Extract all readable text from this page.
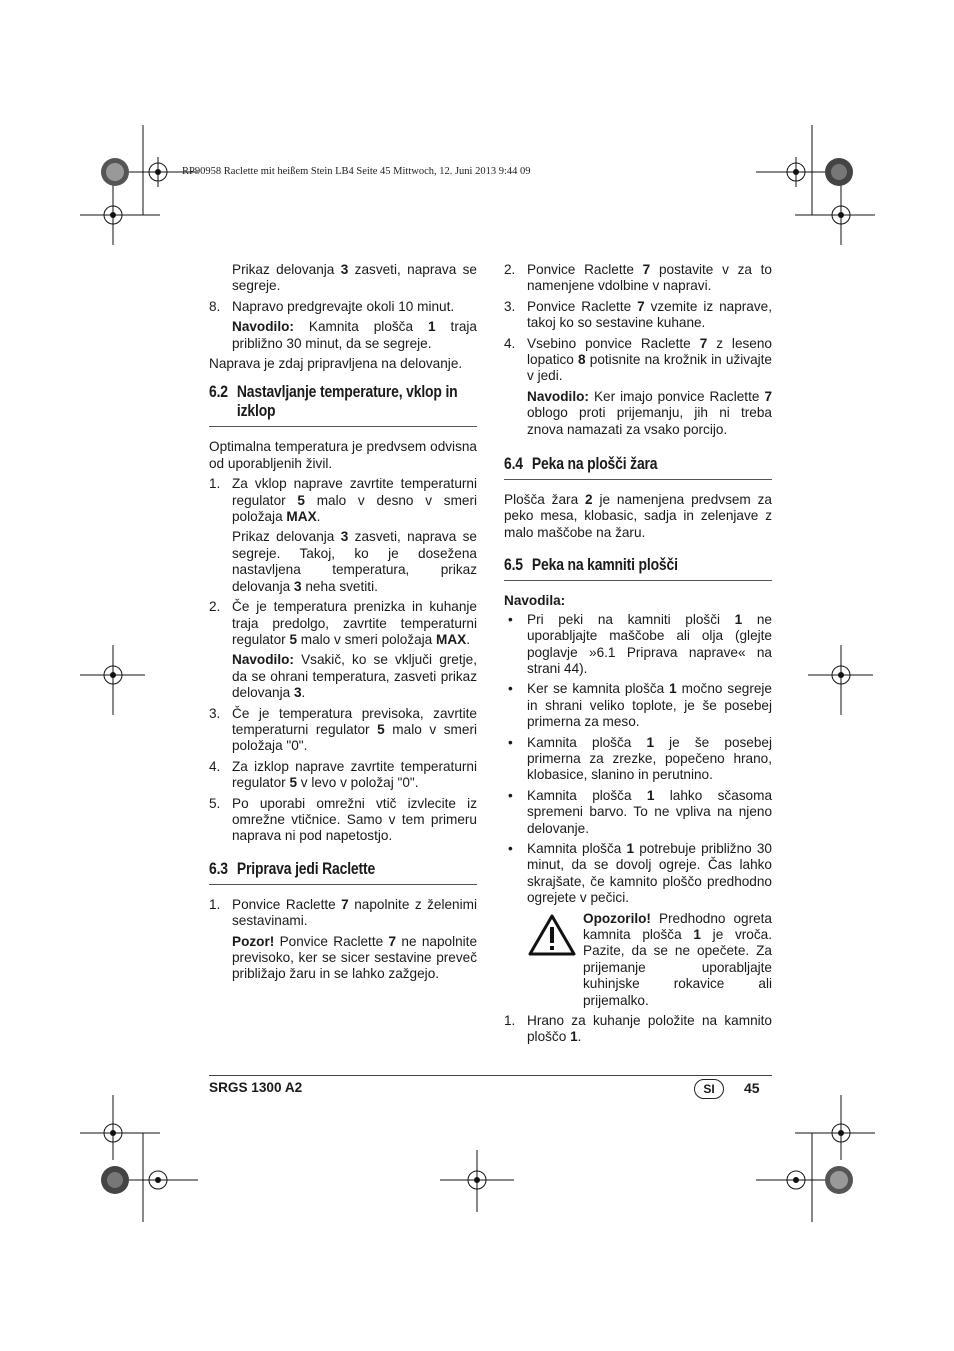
RP90958 Raclette mit heißem Stein LB4 Seite 45 Mittwoch, 12. Juni 2013 9:44 09

Prikaz delovanja 3 zasveti, naprava se segreje.

8. Napravo predgrevajte okoli 10 minut.

Navodilo: Kamnita plošča 1 traja približno 30 minut, da se segreje.

Naprava je zdaj pripravljena na delovanje.

6.2 Nastavljanje temperature, vklop in
izklop

Optimalna temperatura je predvsem odvisna od uporabljenih živil.

1. Za vklop naprave zavrtite temperaturni regulator 5 malo v desno v smeri položaja MAX.

Prikaz delovanja 3 zasveti, naprava se segreje. Takoj, ko je dosežena nastavljena temperatura, prikaz delovanja 3 neha svetiti.

2. Če je temperatura prenizka in kuhanje traja predolgo, zavrtite temperaturni regulator 5 malo v smeri položaja MAX.

Navodilo: Vsakič, ko se vključi gretje, da se ohrani temperatura, zasveti prikaz delovanja 3.

3. Če je temperatura previsoka, zavrtite temperaturni regulator 5 malo v smeri položaja "0".
4. Za izklop naprave zavrtite temperaturni regulator 5 v levo v položaj "0".
5. Po uporabi omrežni vtič izvlecite iz omrežne vtičnice. Samo v tem primeru naprava ni pod napetostjo.
6.3 Priprava jedi Raclette
1. Ponvice Raclette 7 napolnite z želenimi sestavinami.

Pozor! Ponvice Raclette 7 ne napolnite previsoko, ker se sicer sestavine preveč približajo žaru in se lahko zažgejo.

2. Ponvice Raclette 7 postavite v za to namenjene vdolbine v napravi.
3. Ponvice Raclette 7 vzemite iz naprave, takoj ko so sestavine kuhane.
4. Vsebino ponvice Raclette 7 z lesenо lopatico 8 potisnite na krožnik in uživajte v jedi.

Navodilo: Ker imajo ponvice Raclette 7 oblogo proti prijemanju, jih ni treba znova namazati za vsako porcijo.

6.4 Peka na plošči žara

Plošča žara 2 je namenjena predvsem za peko mesa, klobasic, sadja in zelenjave z malo maščobe na žaru.

6.5 Peka na kamniti plošči

Navodila:

• Pri peki na kamniti plošči 1 ne uporabljajte maščobe ali olja (glejte poglavje »6.1 Priprava naprave« na strani 44).
• Ker se kamnita plošča 1 močno segreje in shrani veliko toplote, je še posebej primerna za meso.
• Kamnita plošča 1 je še posebej primerna za zrezke, popečeno hrano, klobasice, slanino in perutnino.
• Kamnita plošča 1 lahko sčasoma spremeni barvo. To ne vpliva na njeno delovanje.
• Kamnita plošča 1 potrebuje približno 30 minut, da se dovolj ogreje. Čas lahko skrajšate, če kamnito ploščo predhodno ogrejete v pečici.
Opozorilo! Predhodno ogreta kamnita plošča 1 je vroča. Pazite, da se ne opečete. Za prijemanje uporabljajte kuhinjske rokavice ali prijemalko.
1. Hrano za kuhanje položite na kamnito ploščo 1.
SRGS 1300 A2	SI	45
